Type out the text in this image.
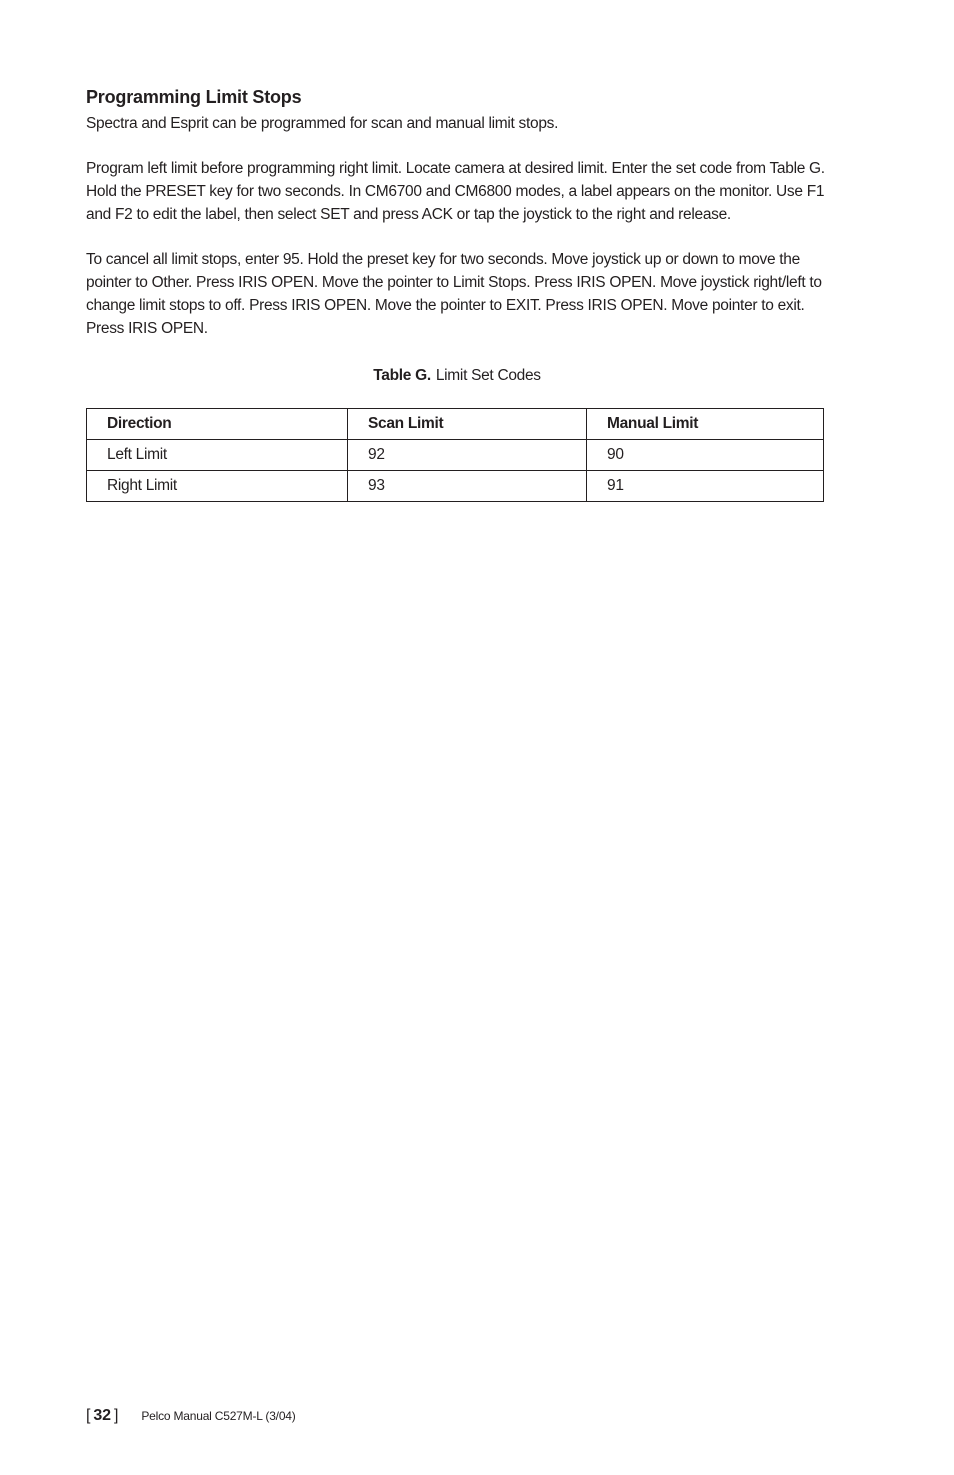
Programming Limit Stops

Spectra and Esprit can be programmed for scan and manual limit stops.

Program left limit before programming right limit. Locate camera at desired limit. Enter the set code from Table G. Hold the PRESET key for two seconds. In CM6700 and CM6800 modes, a label appears on the monitor. Use F1 and F2 to edit the label, then select SET and press ACK or tap the joystick to the right and release.

To cancel all limit stops, enter 95. Hold the preset key for two seconds. Move joystick up or down to move the pointer to Other. Press IRIS OPEN. Move the pointer to Limit Stops. Press IRIS OPEN. Move joystick right/left to change limit stops to off. Press IRIS OPEN. Move the pointer to EXIT. Press IRIS OPEN. Move pointer to exit. Press IRIS OPEN.

Table G. Limit Set Codes
Direction	Scan Limit	Manual Limit
Left Limit	92	90
Right Limit	93	91
[ 32 ] Pelco Manual C527M-L (3/04)
